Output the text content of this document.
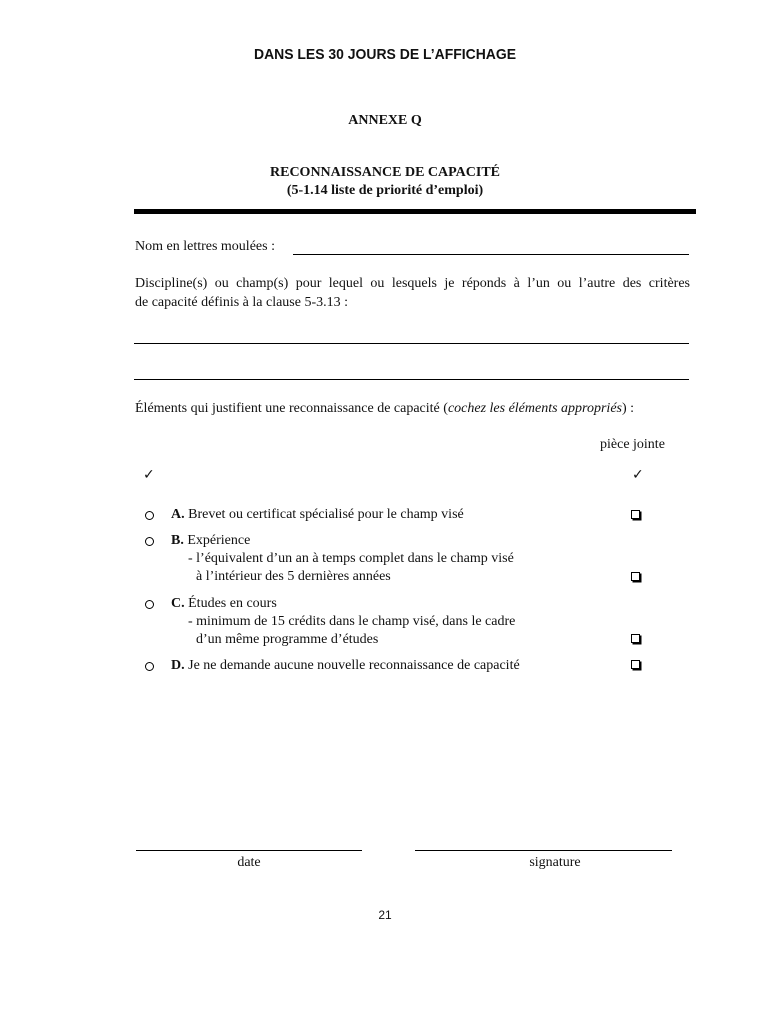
DANS LES 30 JOURS DE L’AFFICHAGE
ANNEXE Q
RECONNAISSANCE DE CAPACITÉ
(5-1.14 liste de priorité d’emploi)
Nom en lettres moulées :
Discipline(s) ou champ(s) pour lequel ou lesquels je réponds à l’un ou l’autre des critères
de capacité définis à la clause 5-3.13 :
Éléments qui justifient une reconnaissance de capacité (cochez les éléments appropriés) :
pièce jointe
✓	✓
A. Brevet ou certificat spécialisé pour le champ visé
B. Expérience
- l’équivalent d’un an à temps complet dans le champ visé
à l’intérieur des 5 dernières années
C. Études en cours
- minimum de 15 crédits dans le champ visé, dans le cadre
d’un même programme d’études
D. Je ne demande aucune nouvelle reconnaissance de capacité
date	signature
21
